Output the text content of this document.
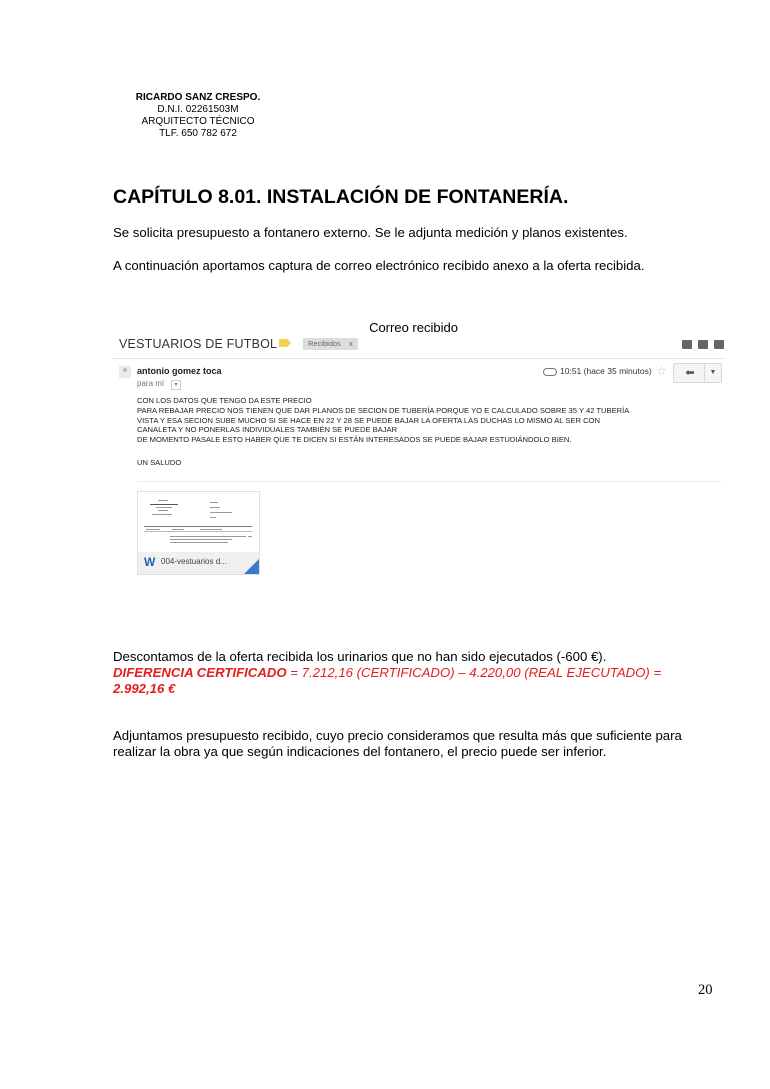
RICARDO SANZ CRESPO.
D.N.I. 02261503M
ARQUITECTO TÉCNICO
TLF. 650 782 672
CAPÍTULO 8.01. INSTALACIÓN DE FONTANERÍA.
Se solicita presupuesto a fontanero externo. Se le adjunta medición y planos existentes.
A continuación aportamos captura de correo electrónico recibido anexo a la oferta recibida.
Correo recibido
VESTUARIOS DE FUTBOL	Recibidos x
antonio gomez toca
para mí	▾
10:51 (hace 35 minutos) ☆	⬅	▼
CON LOS DATOS QUE TENGO DA ESTE PRECIO
PARA REBAJAR PRECIO NOS TIENEN QUE DAR PLANOS DE SECION DE TUBERÍA PORQUE YO E CALCULADO SOBRE 35 Y 42 TUBERÍA
VISTA Y ESA SECION SUBE MUCHO SI SE HACE EN 22 Y 28 SE PUEDE BAJAR LA OFERTA LAS DUCHAS LO MISMO AL SER CON
CANALETA Y NO PONERLAS INDIVIDUALES TAMBIÉN SE PUEDE BAJAR
DE MOMENTO PASALE ESTO HABER QUE TE DICEN SI ESTÁN INTERESADOS SE PUEDE BAJAR ESTUDIÁNDOLO BIEN.
UN SALUDO
W 004-vestuarios d...
Descontamos de la oferta recibida los urinarios que no han sido ejecutados (-600 €).
DIFERENCIA CERTIFICADO = 7.212,16 (CERTIFICADO) – 4.220,00 (REAL EJECUTADO) =
2.992,16 €
Adjuntamos presupuesto recibido, cuyo precio consideramos que resulta más que suficiente para
realizar la obra ya que según indicaciones del fontanero, el precio puede ser inferior.
20
